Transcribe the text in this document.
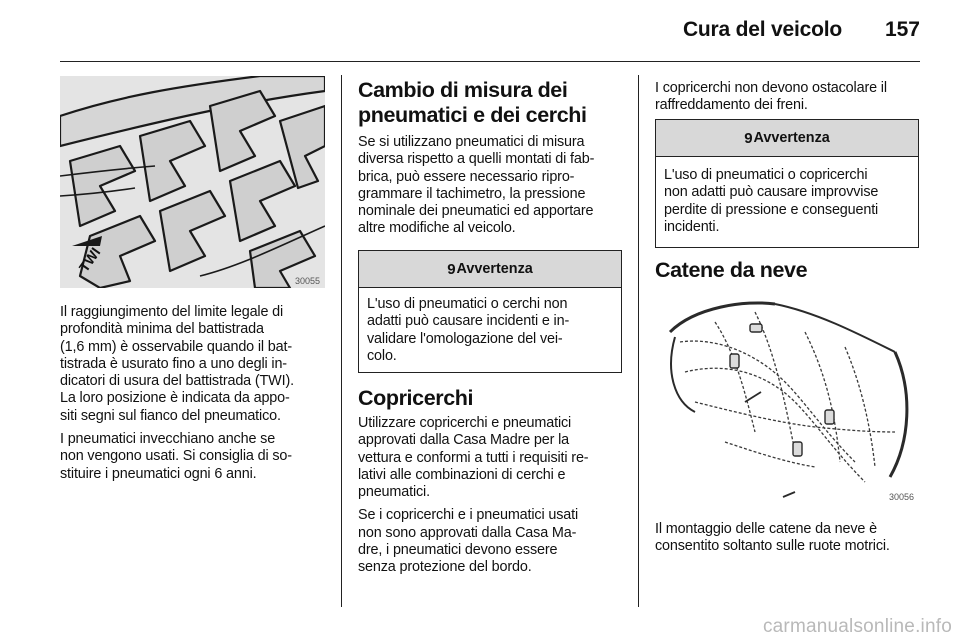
Cura del veicolo 157
TWI
30055

Il raggiungimento del limite legale di
profondità minima del battistrada
(1,6 mm) è osservabile quando il bat-
tistrada è usurato fino a uno degli in-
dicatori di usura del battistrada (TWI).
La loro posizione è indicata da appo-
siti segni sul fianco del pneumatico.

I pneumatici invecchiano anche se
non vengono usati. Si consiglia di so-
stituire i pneumatici ogni 6 anni.

Cambio di misura dei
pneumatici e dei cerchi

Se si utilizzano pneumatici di misura
diversa rispetto a quelli montati di fab-
brica, può essere necessario ripro-
grammare il tachimetro, la pressione
nominale dei pneumatici ed apportare
altre modifiche al veicolo.

9 Avvertenza
L'uso di pneumatici o cerchi non
adatti può causare incidenti e in-
validare l'omologazione del vei-
colo.
Copricerchi

Utilizzare copricerchi e pneumatici
approvati dalla Casa Madre per la
vettura e conformi a tutti i requisiti re-
lativi alle combinazioni di cerchi e
pneumatici.

Se i copricerchi e i pneumatici usati
non sono approvati dalla Casa Ma-
dre, i pneumatici devono essere
senza protezione del bordo.

I copricerchi non devono ostacolare il
raffreddamento dei freni.

9 Avvertenza
L'uso di pneumatici o copricerchi
non adatti può causare improvvise
perdite di pressione e conseguenti
incidenti.
Catene da neve
30056

Il montaggio delle catene da neve è
consentito soltanto sulle ruote motrici.

carmanualsonline.info
